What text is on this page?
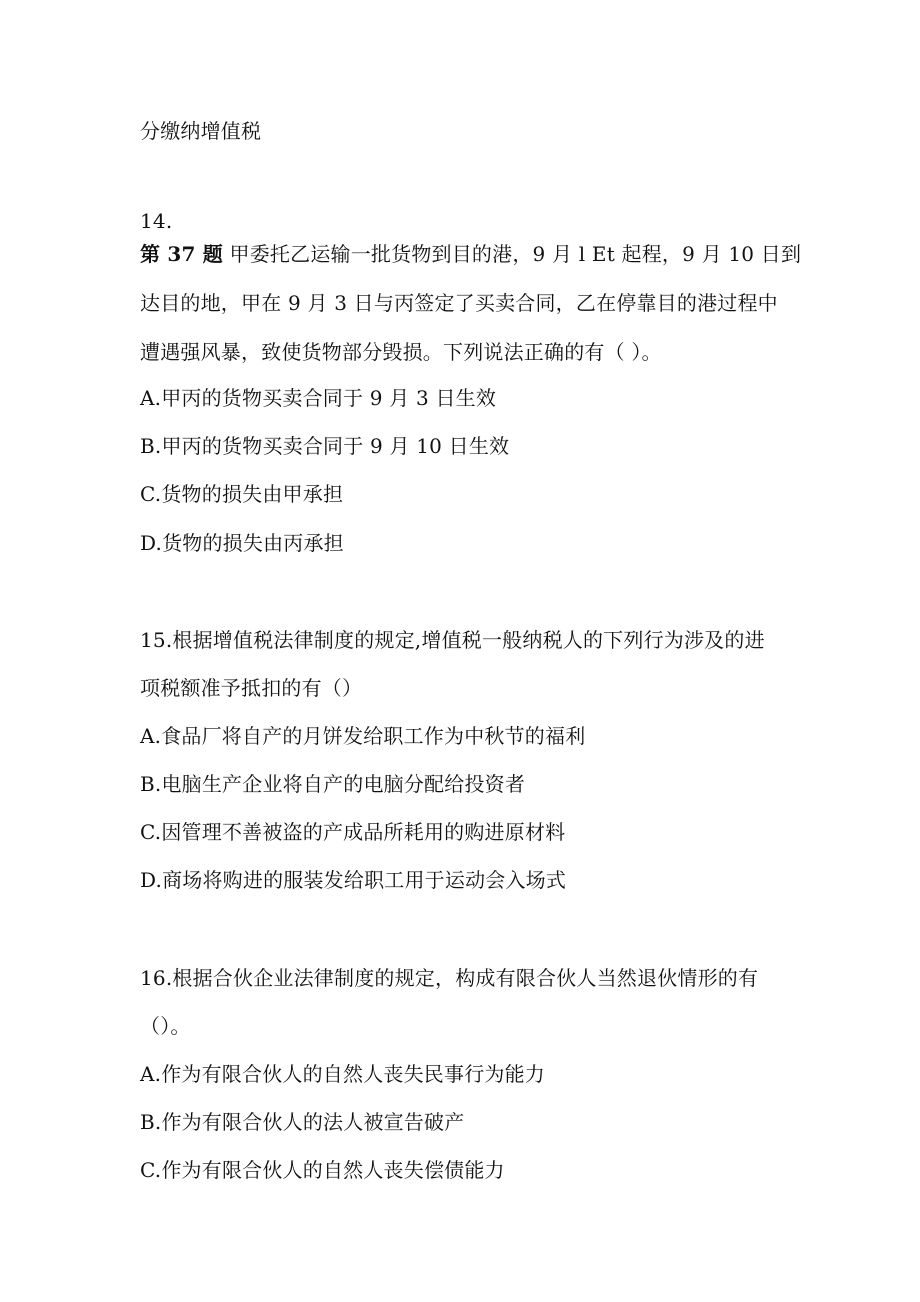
分缴纳增值税
14.
第 37 题 甲委托乙运输一批货物到目的港，9 月 l Et 起程，9 月 10 日到
达目的地，甲在 9 月 3 日与丙签定了买卖合同，乙在停靠目的港过程中
遭遇强风暴，致使货物部分毁损。下列说法正确的有（ ）。
A.甲丙的货物买卖合同于 9 月 3 日生效
B.甲丙的货物买卖合同于 9 月 10 日生效
C.货物的损失由甲承担
D.货物的损失由丙承担
15.根据增值税法律制度的规定,增值税一般纳税人的下列行为涉及的进
项税额准予抵扣的有（）
A.食品厂将自产的月饼发给职工作为中秋节的福利
B.电脑生产企业将自产的电脑分配给投资者
C.因管理不善被盗的产成品所耗用的购进原材料
D.商场将购进的服装发给职工用于运动会入场式
16.根据合伙企业法律制度的规定，构成有限合伙人当然退伙情形的有
（）。
A.作为有限合伙人的自然人丧失民事行为能力
B.作为有限合伙人的法人被宣告破产
C.作为有限合伙人的自然人丧失偿债能力
